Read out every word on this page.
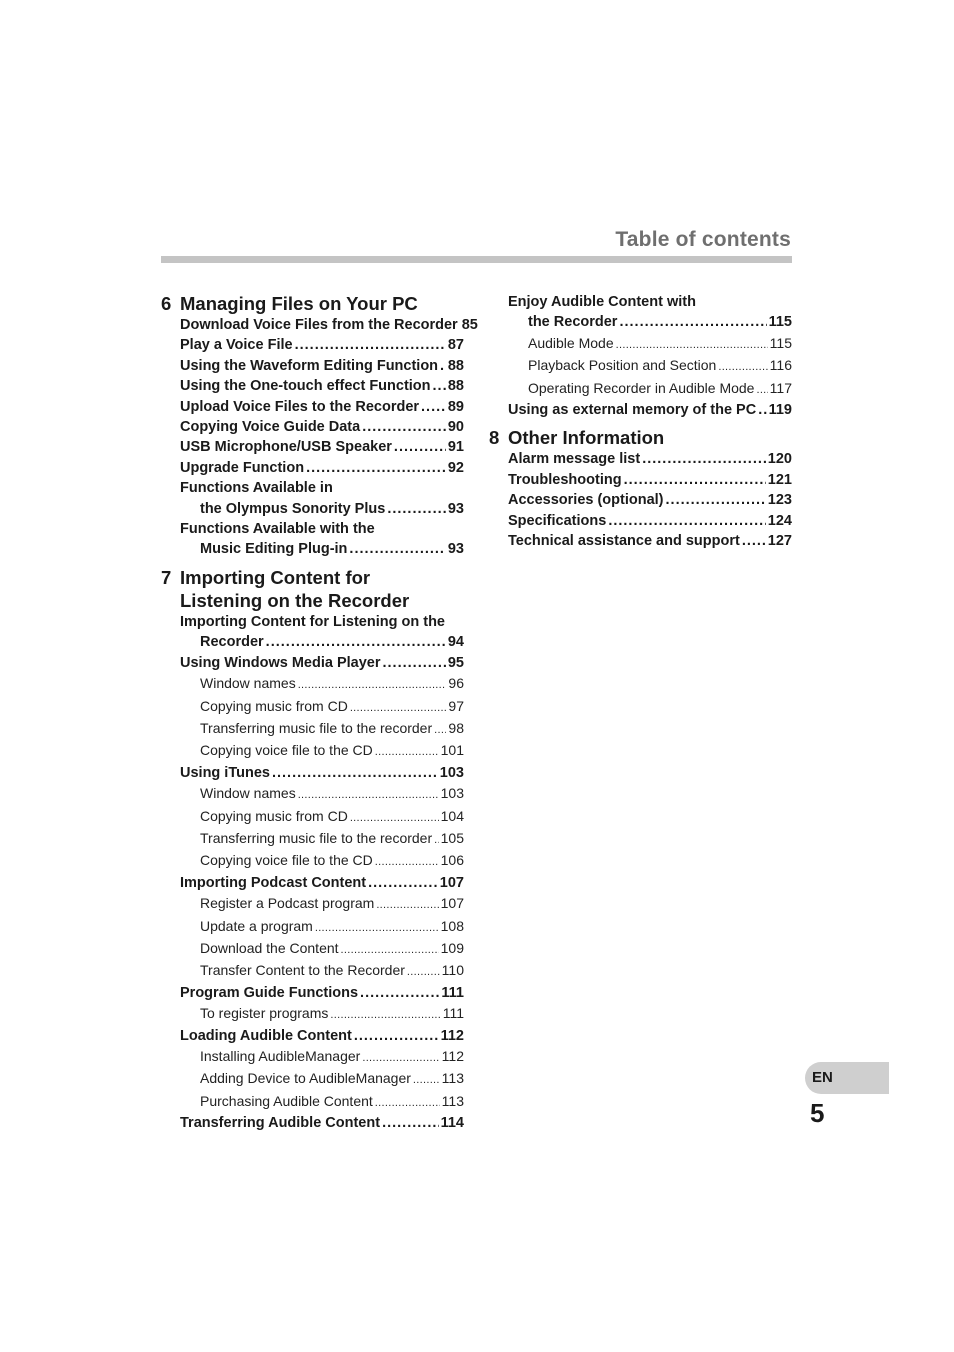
Table of contents
6 Managing Files on Your PC
Download Voice Files from the Recorder 85
Play a Voice File .....	87
Using the Waveform Editing Function ..... 88
Using the One-touch effect Function ..... 88
Upload Voice Files to the Recorder ..... 89
Copying Voice Guide Data .....	90
USB Microphone/USB Speaker .....	91
Upgrade Function .....	92
Functions Available in
the Olympus Sonority Plus .....	93
Functions Available with the
Music Editing Plug-in .....	93
7 Importing Content for
Listening on the Recorder
Importing Content for Listening on the
Recorder .....	94
Using Windows Media Player .....	95
Window names .....	96
Copying music from CD .....	97
Transferring music file to the recorder ..... 98
Copying voice file to the CD .....	101
Using iTunes .....	103
Window names .....	103
Copying music from CD .....	104
Transferring music file to the recorder ..... 105
Copying voice file to the CD .....	106
Importing Podcast Content .....	107
Register a Podcast program .....	107
Update a program .....	108
Download the Content .....	109
Transfer Content to the Recorder .....	110
Program Guide Functions .....	111
To register programs .....	111
Loading Audible Content .....	112
Installing AudibleManager .....	112
Adding Device to AudibleManager ..... 113
Purchasing Audible Content .....	113
Transferring Audible Content .....	114
Enjoy Audible Content with
the Recorder .....	115
Audible Mode .....	115
Playback Position and Section .....	116
Operating Recorder in Audible Mode ..... 117
Using as external memory of the PC ..... 119
8 Other Information
Alarm message list .....	120
Troubleshooting .....	121
Accessories (optional) .....	123
Specifications .....	124
Technical assistance and support ..... 127
EN
5
